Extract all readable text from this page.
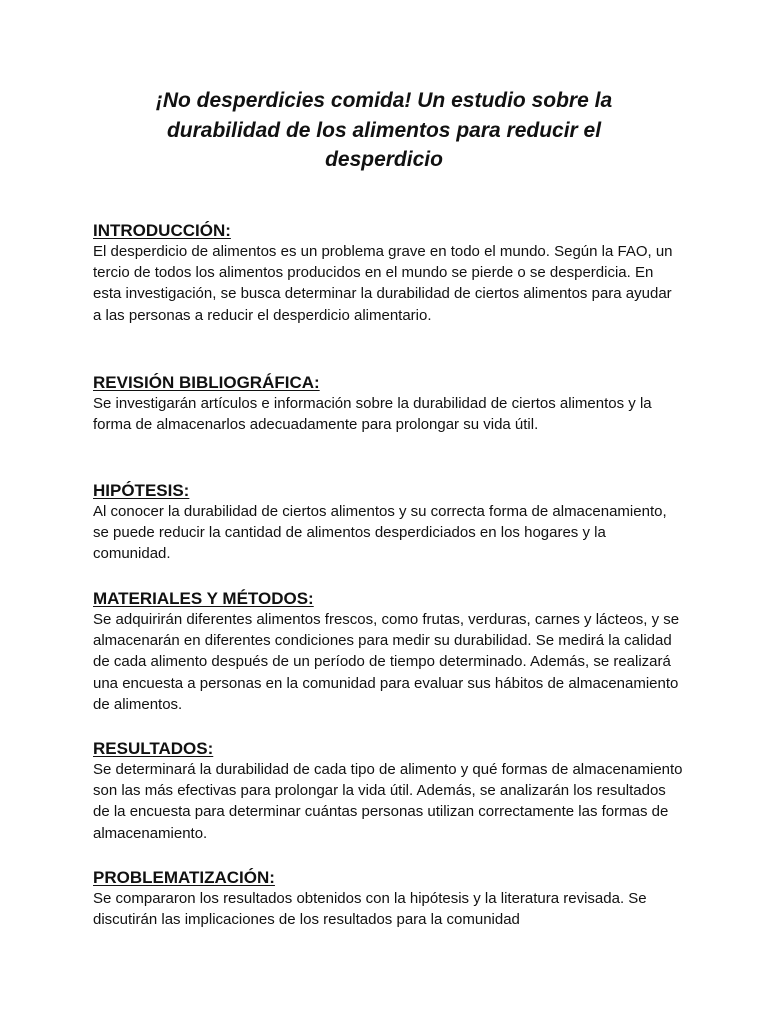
¡No desperdicies comida! Un estudio sobre la durabilidad de los alimentos para reducir el desperdicio
INTRODUCCIÓN:

El desperdicio de alimentos es un problema grave en todo el mundo. Según la FAO, un tercio de todos los alimentos producidos en el mundo se pierde o se desperdicia. En esta investigación, se busca determinar la durabilidad de ciertos alimentos para ayudar a las personas a reducir el desperdicio alimentario.

REVISIÓN BIBLIOGRÁFICA:

Se investigarán artículos e información sobre la durabilidad de ciertos alimentos y la forma de almacenarlos adecuadamente para prolongar su vida útil.

HIPÓTESIS:

Al conocer la durabilidad de ciertos alimentos y su correcta forma de almacenamiento, se puede reducir la cantidad de alimentos desperdiciados en los hogares y la comunidad.

MATERIALES Y MÉTODOS:

Se adquirirán diferentes alimentos frescos, como frutas, verduras, carnes y lácteos, y se almacenarán en diferentes condiciones para medir su durabilidad. Se medirá la calidad de cada alimento después de un período de tiempo determinado. Además, se realizará una encuesta a personas en la comunidad para evaluar sus hábitos de almacenamiento de alimentos.

RESULTADOS:

Se determinará la durabilidad de cada tipo de alimento y qué formas de almacenamiento son las más efectivas para prolongar la vida útil. Además, se analizarán los resultados de la encuesta para determinar cuántas personas utilizan correctamente las formas de almacenamiento.

PROBLEMATIZACIÓN:

Se compararon los resultados obtenidos con la hipótesis y la literatura revisada. Se discutirán las implicaciones de los resultados para la comunidad
